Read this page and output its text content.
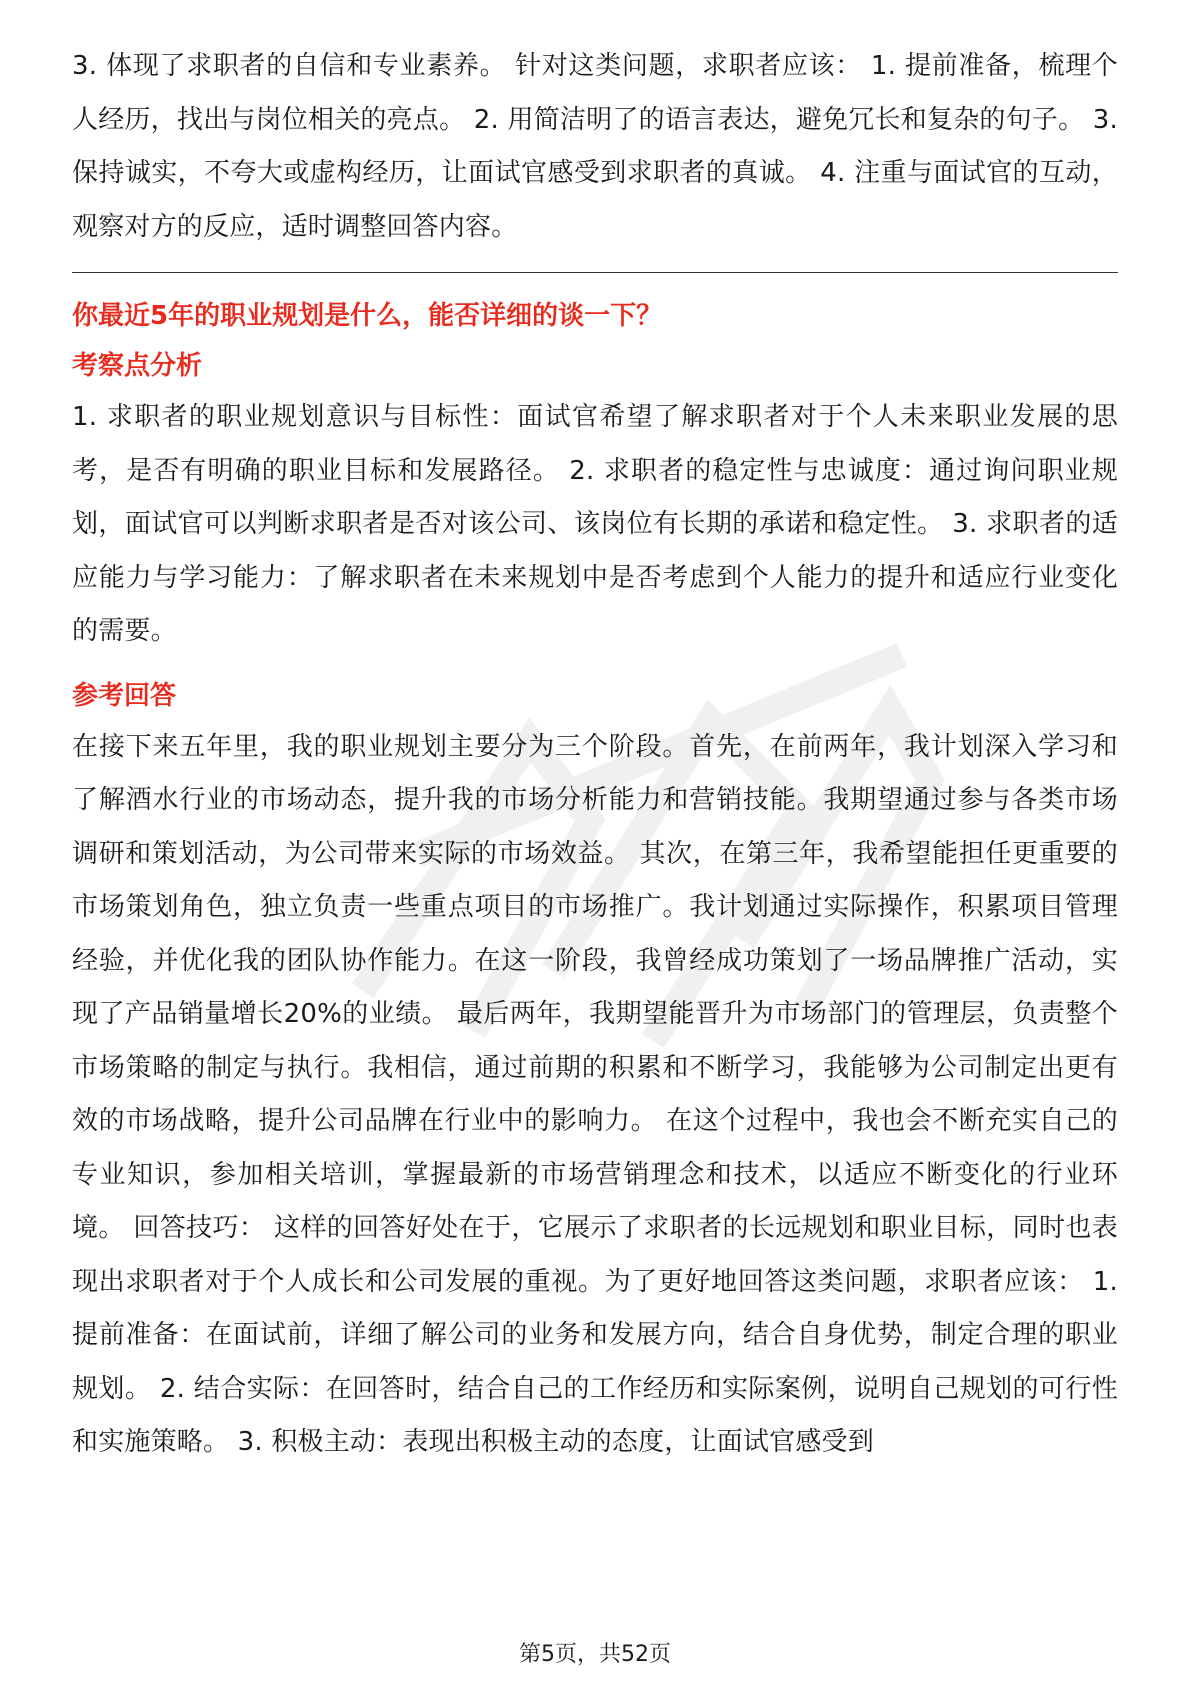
3. 体现了求职者的自信和专业素养。 针对这类问题，求职者应该： 1. 提前准备，梳理个人经历，找出与岗位相关的亮点。 2. 用简洁明了的语言表达，避免冗长和复杂的句子。 3. 保持诚实，不夸大或虚构经历，让面试官感受到求职者的真诚。 4. 注重与面试官的互动，观察对方的反应，适时调整回答内容。

你最近5年的职业规划是什么，能否详细的谈一下？

考察点分析

1. 求职者的职业规划意识与目标性：面试官希望了解求职者对于个人未来职业发展的思考，是否有明确的职业目标和发展路径。 2. 求职者的稳定性与忠诚度：通过询问职业规划，面试官可以判断求职者是否对该公司、该岗位有长期的承诺和稳定性。 3. 求职者的适应能力与学习能力：了解求职者在未来规划中是否考虑到个人能力的提升和适应行业变化的需要。

参考回答

在接下来五年里，我的职业规划主要分为三个阶段。首先，在前两年，我计划深入学习和了解酒水行业的市场动态，提升我的市场分析能力和营销技能。我期望通过参与各类市场调研和策划活动，为公司带来实际的市场效益。 其次，在第三年，我希望能担任更重要的市场策划角色，独立负责一些重点项目的市场推广。我计划通过实际操作，积累项目管理经验，并优化我的团队协作能力。在这一阶段，我曾经成功策划了一场品牌推广活动，实现了产品销量增长20%的业绩。 最后两年，我期望能晋升为市场部门的管理层，负责整个市场策略的制定与执行。我相信，通过前期的积累和不断学习，我能够为公司制定出更有效的市场战略，提升公司品牌在行业中的影响力。 在这个过程中，我也会不断充实自己的专业知识，参加相关培训，掌握最新的市场营销理念和技术，以适应不断变化的行业环境。 回答技巧： 这样的回答好处在于，它展示了求职者的长远规划和职业目标，同时也表现出求职者对于个人成长和公司发展的重视。为了更好地回答这类问题，求职者应该： 1. 提前准备：在面试前，详细了解公司的业务和发展方向，结合自身优势，制定合理的职业规划。 2. 结合实际：在回答时，结合自己的工作经历和实际案例，说明自己规划的可行性和实施策略。 3. 积极主动：表现出积极主动的态度，让面试官感受到

第5页，共52页
